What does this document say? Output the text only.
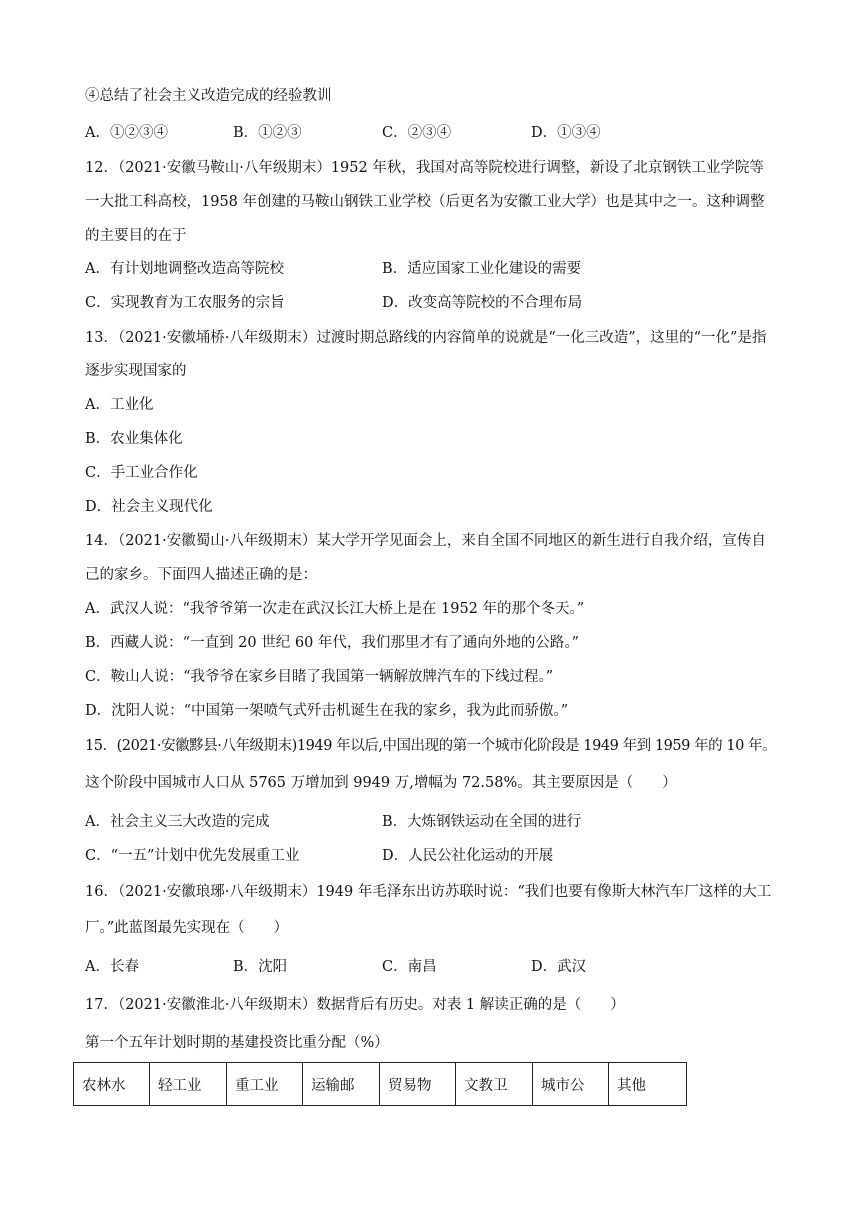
④总结了社会主义改造完成的经验教训
A．①②③④	B．①②③	C．②③④	D．①③④
12．（2021·安徽马鞍山·八年级期末）1952 年秋，我国对高等院校进行调整，新设了北京钢铁工业学院等
一大批工科高校，1958 年创建的马鞍山钢铁工业学校（后更名为安徽工业大学）也是其中之一。这种调整
的主要目的在于
A．有计划地调整改造高等院校	B．适应国家工业化建设的需要
C．实现教育为工农服务的宗旨	D．改变高等院校的不合理布局
13．（2021·安徽埇桥·八年级期末）过渡时期总路线的内容简单的说就是“一化三改造”，这里的“一化”是指
逐步实现国家的
A．工业化
B．农业集体化
C．手工业合作化
D．社会主义现代化
14．（2021·安徽蜀山·八年级期末）某大学开学见面会上，来自全国不同地区的新生进行自我介绍，宣传自
己的家乡。下面四人描述正确的是：
A．武汉人说：“我爷爷第一次走在武汉长江大桥上是在 1952 年的那个冬天。”
B．西藏人说：“一直到 20 世纪 60 年代，我们那里才有了通向外地的公路。”
C．鞍山人说：“我爷爷在家乡目睹了我国第一辆解放牌汽车的下线过程。”
D．沈阳人说：“中国第一架喷气式歼击机诞生在我的家乡，我为此而骄傲。”
15．(2021·安徽黟县·八年级期末)1949 年以后,中国出现的第一个城市化阶段是 1949 年到 1959 年的 10 年。
这个阶段中国城市人口从 5765 万增加到 9949 万,增幅为 72.58%。其主要原因是（　　）
A．社会主义三大改造的完成	B．大炼钢铁运动在全国的进行
C．“一五”计划中优先发展重工业	D．人民公社化运动的开展
16．（2021·安徽琅琊·八年级期末）1949 年毛泽东出访苏联时说：“我们也要有像斯大林汽车厂这样的大工
厂。”此蓝图最先实现在（　　）
A．长春	B．沈阳	C．南昌	D．武汉
17．（2021·安徽淮北·八年级期末）数据背后有历史。对表 1 解读正确的是（　　）
第一个五年计划时期的基建投资比重分配（%）
农林水	轻工业	重工业	运输邮	贸易物	文教卫	城市公	其他
